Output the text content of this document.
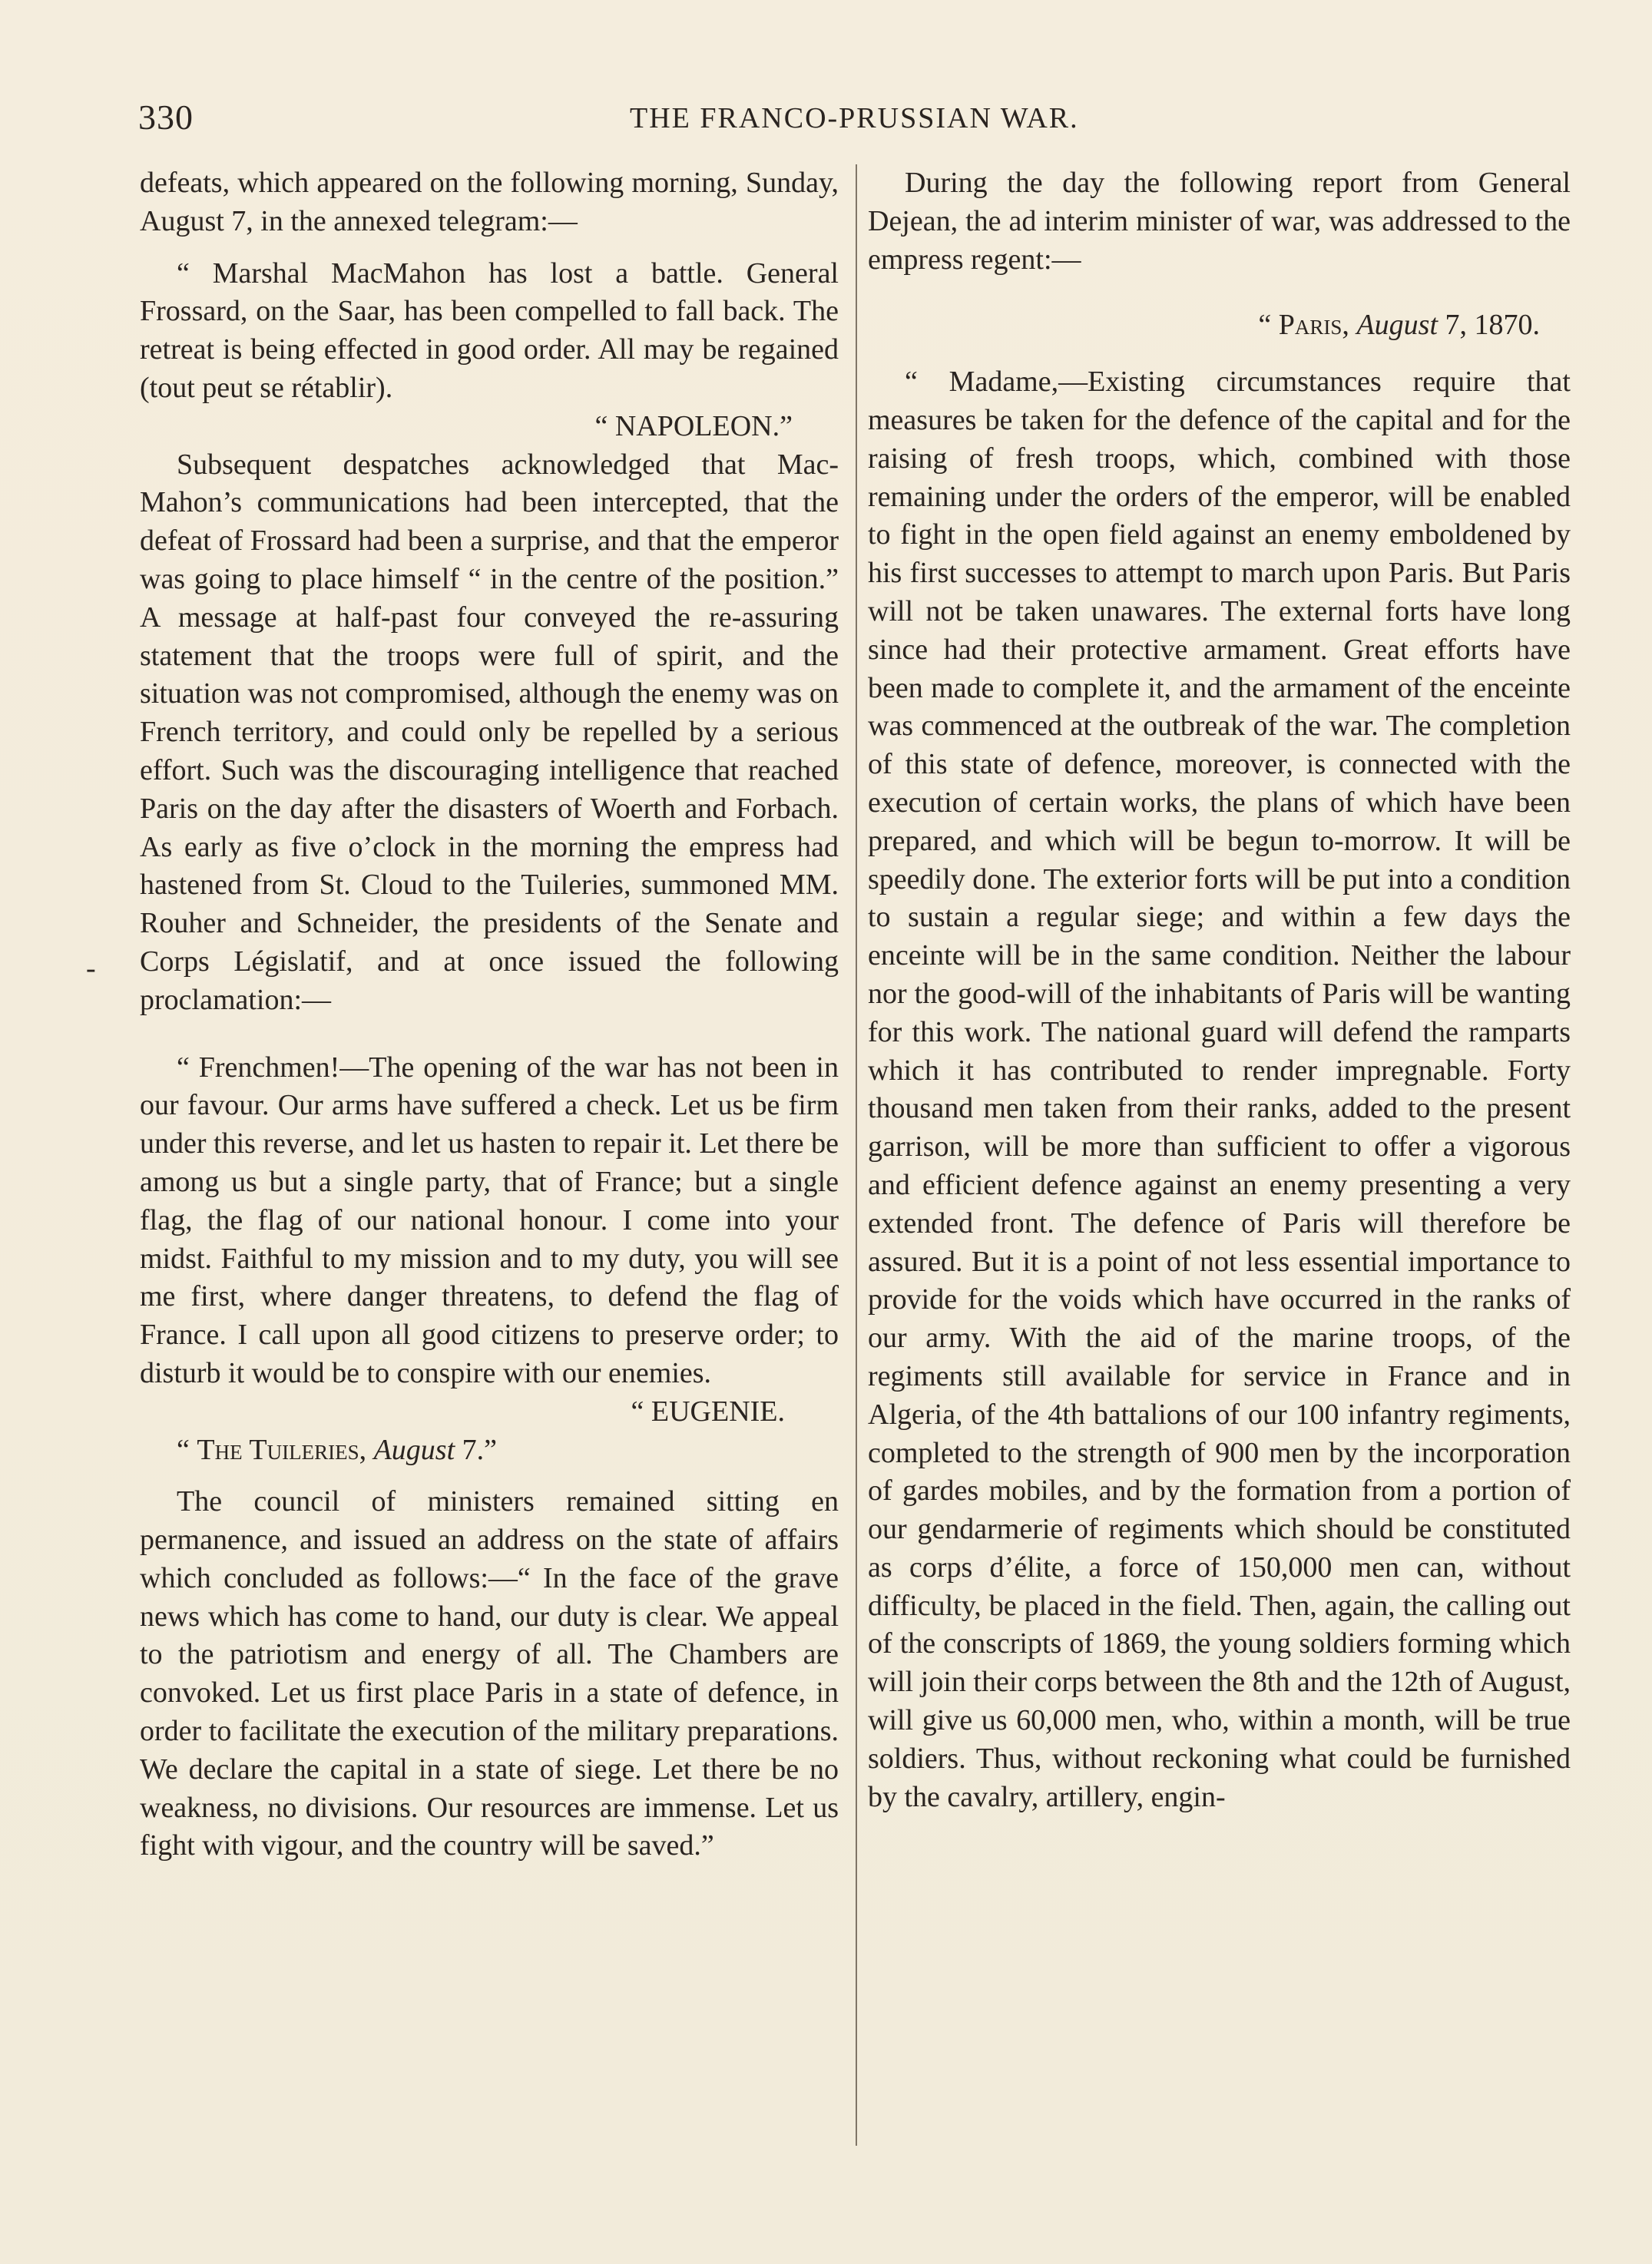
330	THE FRANCO-PRUSSIAN WAR.
-

defeats, which appeared on the following morning, Sunday, August 7, in the annexed telegram:—

“ Marshal MacMahon has lost a battle. General Frossard, on the Saar, has been compelled to fall back. The retreat is being effected in good order. All may be regained (tout peut se rétablir).

“ NAPOLEON.”

Subsequent despatches acknowledged that Mac-Mahon’s communications had been intercepted, that the defeat of Frossard had been a surprise, and that the emperor was going to place himself “ in the centre of the position.” A message at half-past four conveyed the re-assuring statement that the troops were full of spirit, and the situation was not compromised, although the enemy was on French territory, and could only be repelled by a serious effort. Such was the discouraging intelligence that reached Paris on the day after the disasters of Woerth and Forbach. As early as five o’clock in the morning the empress had hastened from St. Cloud to the Tuileries, summoned MM. Rouher and Schneider, the presidents of the Senate and Corps Législatif, and at once issued the following proclamation:—

“ Frenchmen!—The opening of the war has not been in our favour. Our arms have suffered a check. Let us be firm under this reverse, and let us hasten to repair it. Let there be among us but a single party, that of France; but a single flag, the flag of our national honour. I come into your midst. Faithful to my mission and to my duty, you will see me first, where danger threatens, to defend the flag of France. I call upon all good citizens to preserve order; to disturb it would be to conspire with our enemies.

“ EUGENIE.

“ The Tuileries, August 7.”

The council of ministers remained sitting en permanence, and issued an address on the state of affairs which concluded as follows:—“ In the face of the grave news which has come to hand, our duty is clear. We appeal to the patriotism and energy of all. The Chambers are convoked. Let us first place Paris in a state of defence, in order to facilitate the execution of the military preparations. We declare the capital in a state of siege. Let there be no weakness, no divisions. Our resources are immense. Let us fight with vigour, and the country will be saved.”

During the day the following report from General Dejean, the ad interim minister of war, was addressed to the empress regent:—

“ Paris, August 7, 1870.

“ Madame,—Existing circumstances require that measures be taken for the defence of the capital and for the raising of fresh troops, which, combined with those remaining under the orders of the emperor, will be enabled to fight in the open field against an enemy emboldened by his first successes to attempt to march upon Paris. But Paris will not be taken unawares. The external forts have long since had their protective armament. Great efforts have been made to complete it, and the armament of the enceinte was commenced at the outbreak of the war. The completion of this state of defence, moreover, is connected with the execution of certain works, the plans of which have been prepared, and which will be begun to-morrow. It will be speedily done. The exterior forts will be put into a condition to sustain a regular siege; and within a few days the enceinte will be in the same condition. Neither the labour nor the good-will of the inhabitants of Paris will be wanting for this work. The national guard will defend the ramparts which it has contributed to render impregnable. Forty thousand men taken from their ranks, added to the present garrison, will be more than sufficient to offer a vigorous and efficient defence against an enemy presenting a very extended front. The defence of Paris will therefore be assured. But it is a point of not less essential importance to provide for the voids which have occurred in the ranks of our army. With the aid of the marine troops, of the regiments still available for service in France and in Algeria, of the 4th battalions of our 100 infantry regiments, completed to the strength of 900 men by the incorporation of gardes mobiles, and by the formation from a portion of our gendarmerie of regiments which should be constituted as corps d’élite, a force of 150,000 men can, without difficulty, be placed in the field. Then, again, the calling out of the conscripts of 1869, the young soldiers forming which will join their corps between the 8th and the 12th of August, will give us 60,000 men, who, within a month, will be true soldiers. Thus, without reckoning what could be furnished by the cavalry, artillery, engin-
